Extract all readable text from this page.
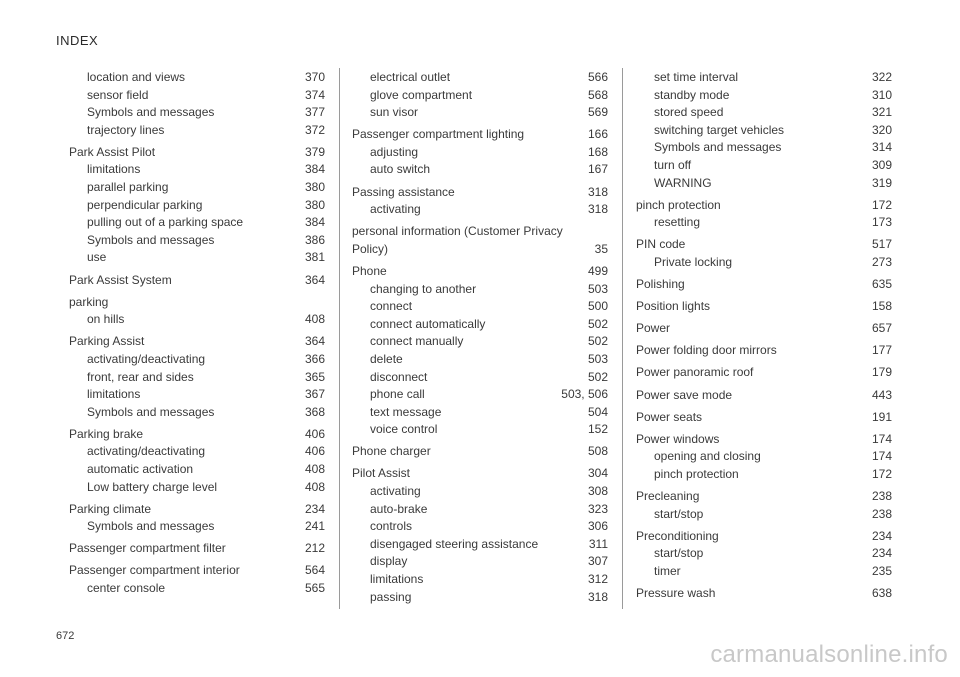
INDEX
location and views	370
sensor field	374
Symbols and messages	377
trajectory lines	372
Park Assist Pilot	379
limitations	384
parallel parking	380
perpendicular parking	380
pulling out of a parking space	384
Symbols and messages	386
use	381
Park Assist System	364
parking
on hills	408
Parking Assist	364
activating/deactivating	366
front, rear and sides	365
limitations	367
Symbols and messages	368
Parking brake	406
activating/deactivating	406
automatic activation	408
Low battery charge level	408
Parking climate	234
Symbols and messages	241
Passenger compartment filter	212
Passenger compartment interior	564
center console	565
electrical outlet	566
glove compartment	568
sun visor	569
Passenger compartment lighting	166
adjusting	168
auto switch	167
Passing assistance	318
activating	318
personal information (Customer Privacy Policy)	35
Phone	499
changing to another	503
connect	500
connect automatically	502
connect manually	502
delete	503
disconnect	502
phone call	503, 506
text message	504
voice control	152
Phone charger	508
Pilot Assist	304
activating	308
auto-brake	323
controls	306
disengaged steering assistance	311
display	307
limitations	312
passing	318
set time interval	322
standby mode	310
stored speed	321
switching target vehicles	320
Symbols and messages	314
turn off	309
WARNING	319
pinch protection	172
resetting	173
PIN code	517
Private locking	273
Polishing	635
Position lights	158
Power	657
Power folding door mirrors	177
Power panoramic roof	179
Power save mode	443
Power seats	191
Power windows	174
opening and closing	174
pinch protection	172
Precleaning	238
start/stop	238
Preconditioning	234
start/stop	234
timer	235
Pressure wash	638
672
carmanualsonline.info
